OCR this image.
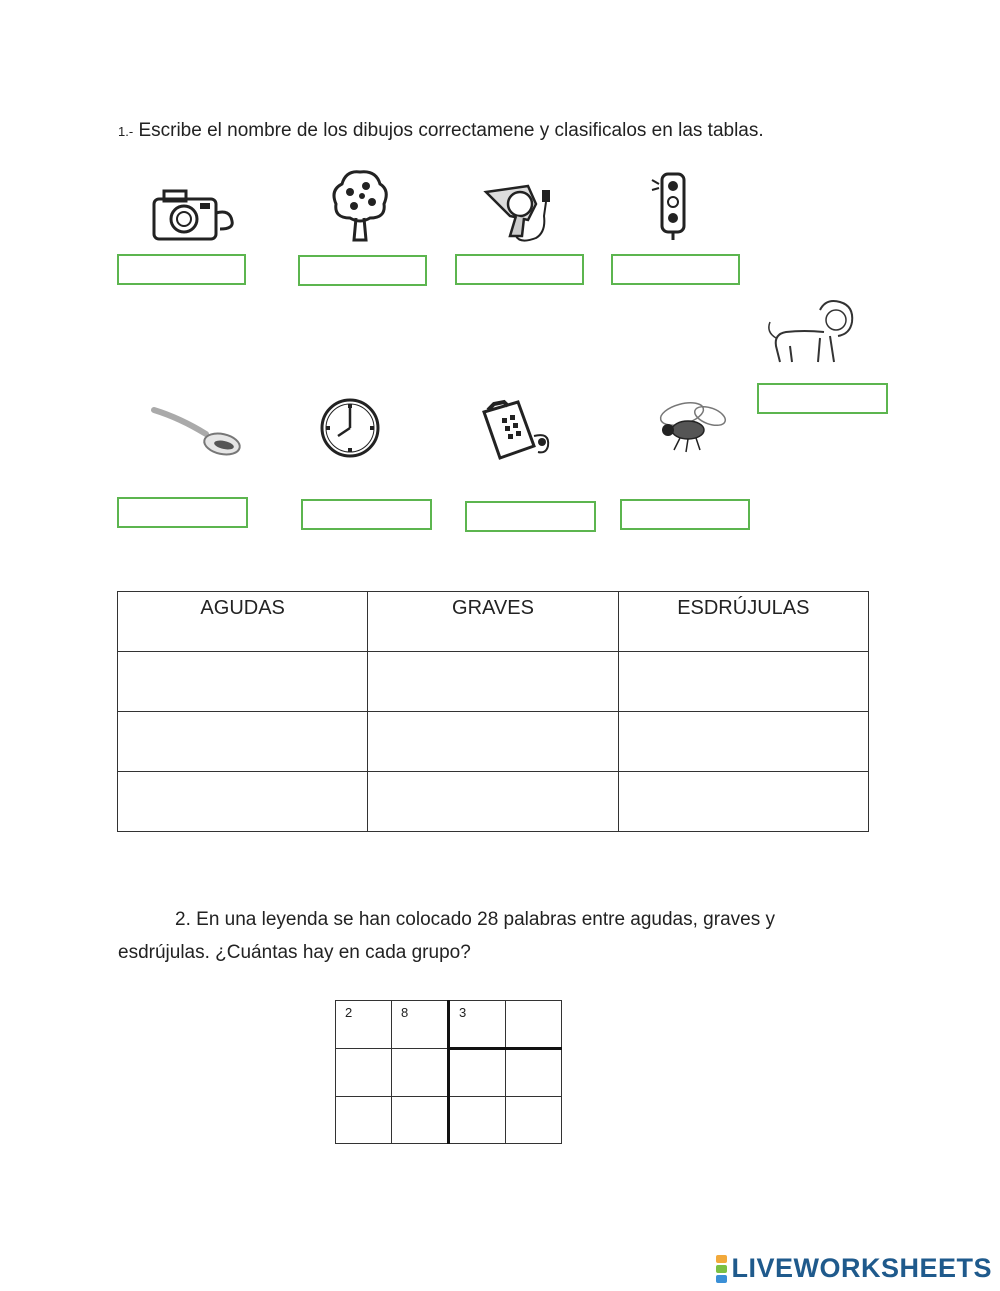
1.- Escribe el nombre de los dibujos correctamene y clasificalos en las tablas.
AGUDAS	GRAVES	ESDRÚJULAS

2. En una leyenda se han colocado 28 palabras entre agudas, graves y esdrújulas. ¿Cuántas hay en cada grupo?
2	8	3	

LIVEWORKSHEETS
